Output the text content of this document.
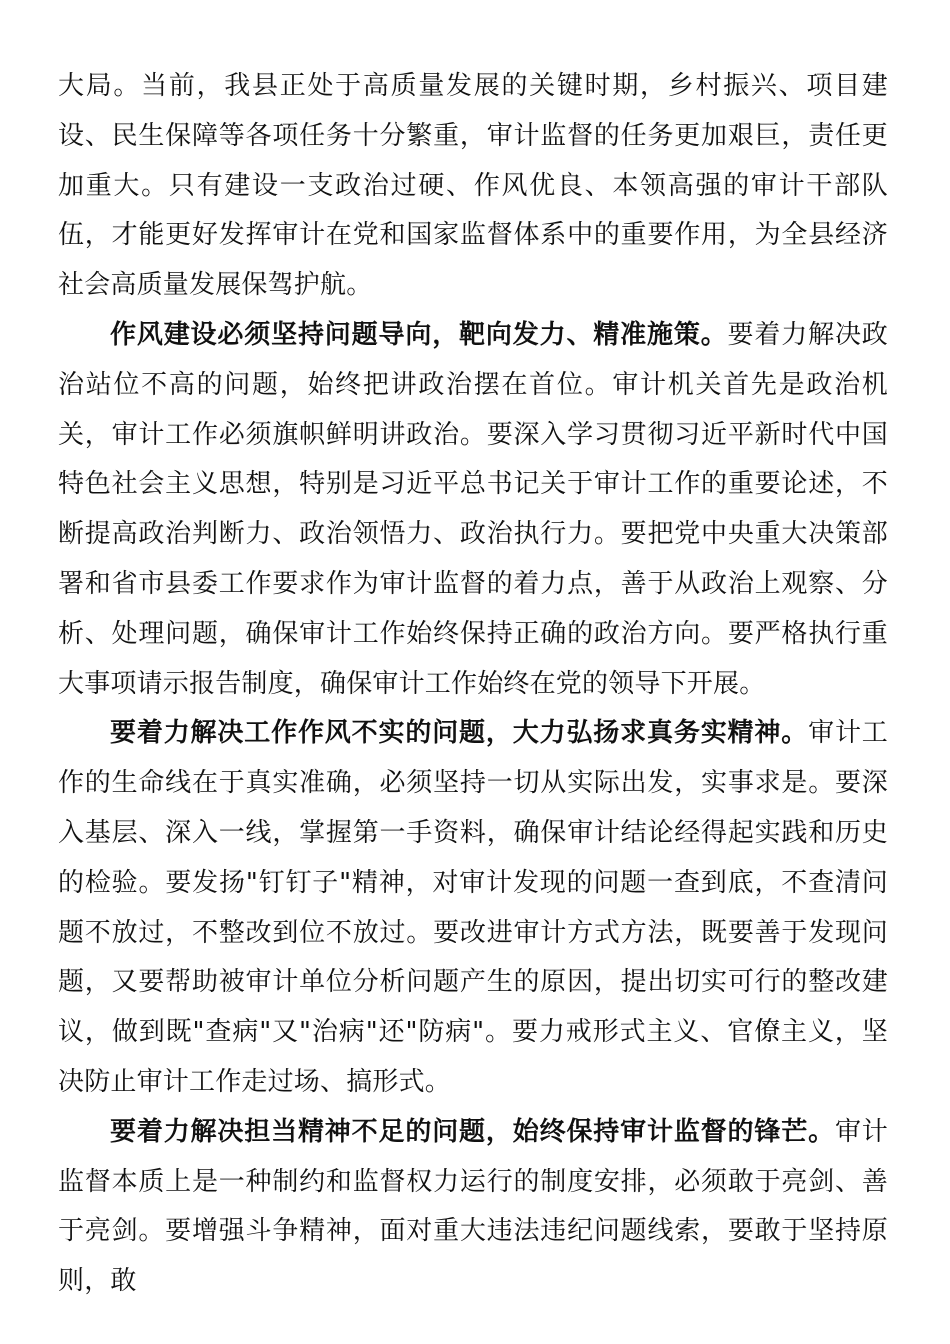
大局。当前，我县正处于高质量发展的关键时期，乡村振兴、项目建设、民生保障等各项任务十分繁重，审计监督的任务更加艰巨，责任更加重大。只有建设一支政治过硬、作风优良、本领高强的审计干部队伍，才能更好发挥审计在党和国家监督体系中的重要作用，为全县经济社会高质量发展保驾护航。

作风建设必须坚持问题导向，靶向发力、精准施策。要着力解决政治站位不高的问题，始终把讲政治摆在首位。审计机关首先是政治机关，审计工作必须旗帜鲜明讲政治。要深入学习贯彻习近平新时代中国特色社会主义思想，特别是习近平总书记关于审计工作的重要论述，不断提高政治判断力、政治领悟力、政治执行力。要把党中央重大决策部署和省市县委工作要求作为审计监督的着力点，善于从政治上观察、分析、处理问题，确保审计工作始终保持正确的政治方向。要严格执行重大事项请示报告制度，确保审计工作始终在党的领导下开展。

要着力解决工作作风不实的问题，大力弘扬求真务实精神。审计工作的生命线在于真实准确，必须坚持一切从实际出发，实事求是。要深入基层、深入一线，掌握第一手资料，确保审计结论经得起实践和历史的检验。要发扬"钉钉子"精神，对审计发现的问题一查到底，不查清问题不放过，不整改到位不放过。要改进审计方式方法，既要善于发现问题，又要帮助被审计单位分析问题产生的原因，提出切实可行的整改建议，做到既"查病"又"治病"还"防病"。要力戒形式主义、官僚主义，坚决防止审计工作走过场、搞形式。

要着力解决担当精神不足的问题，始终保持审计监督的锋芒。审计监督本质上是一种制约和监督权力运行的制度安排，必须敢于亮剑、善于亮剑。要增强斗争精神，面对重大违法违纪问题线索，要敢于坚持原则，敢
